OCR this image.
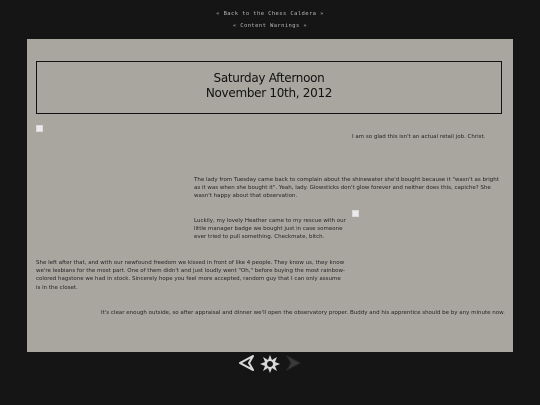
« Back to the Chess Caldera »
« Content Warnings »
Saturday Afternoon
November 10th, 2012
I am so glad this isn't an actual retail job. Christ.
The lady from Tuesday came back to complain about the shinewater she'd bought because it "wasn't as bright as it was when she bought it". Yeah, lady. Glowsticks don't glow forever and neither does this, capiche? She wasn't happy about that observation.
Luckily, my lovely Heather came to my rescue with our little manager badge we bought just in case someone ever tried to pull something. Checkmate, bitch.
She left after that, and with our newfound freedom we kissed in front of like 4 people. They know us, they know we're lesbians for the most part. One of them didn't and just loudly went "Oh," before buying the most rainbow-colored hagstone we had in stock. Sincerely hope you feel more accepted, random guy that I can only assume is in the closet.
It's clear enough outside, so after appraisal and dinner we'll open the observatory proper. Buddy and his apprentice should be by any minute now.
